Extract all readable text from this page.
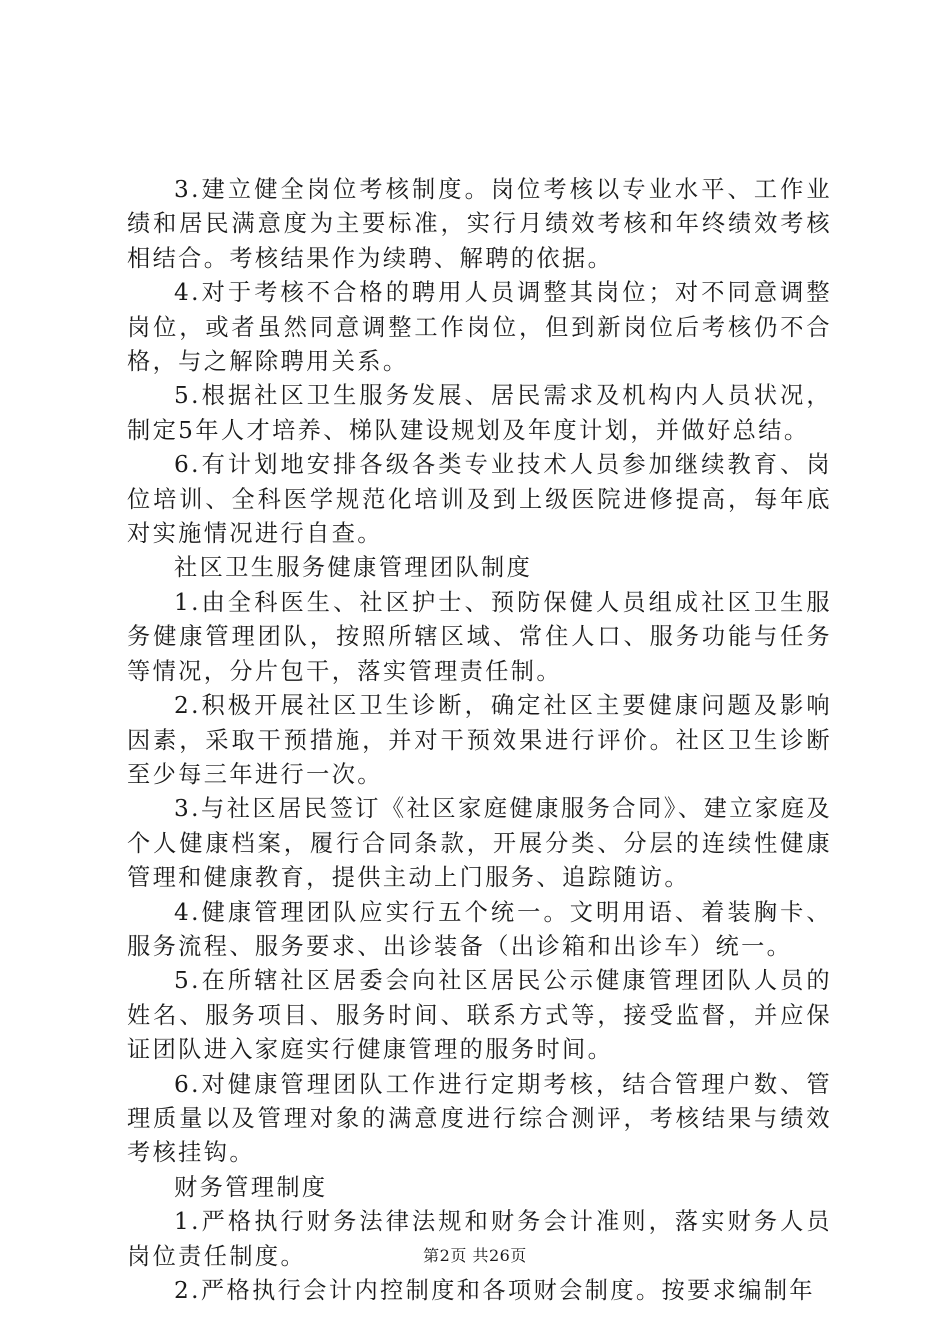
3.建立健全岗位考核制度。岗位考核以专业水平、工作业绩和居民满意度为主要标准，实行月绩效考核和年终绩效考核相结合。考核结果作为续聘、解聘的依据。

4.对于考核不合格的聘用人员调整其岗位；对不同意调整岗位，或者虽然同意调整工作岗位，但到新岗位后考核仍不合格，与之解除聘用关系。

5.根据社区卫生服务发展、居民需求及机构内人员状况，制定5年人才培养、梯队建设规划及年度计划，并做好总结。

6.有计划地安排各级各类专业技术人员参加继续教育、岗位培训、全科医学规范化培训及到上级医院进修提高，每年底对实施情况进行自查。

社区卫生服务健康管理团队制度

1.由全科医生、社区护士、预防保健人员组成社区卫生服务健康管理团队，按照所辖区域、常住人口、服务功能与任务等情况，分片包干，落实管理责任制。

2.积极开展社区卫生诊断，确定社区主要健康问题及影响因素，采取干预措施，并对干预效果进行评价。社区卫生诊断至少每三年进行一次。

3.与社区居民签订《社区家庭健康服务合同》、建立家庭及个人健康档案，履行合同条款，开展分类、分层的连续性健康管理和健康教育，提供主动上门服务、追踪随访。

4.健康管理团队应实行五个统一。文明用语、着装胸卡、服务流程、服务要求、出诊装备（出诊箱和出诊车）统一。

5.在所辖社区居委会向社区居民公示健康管理团队人员的姓名、服务项目、服务时间、联系方式等，接受监督，并应保证团队进入家庭实行健康管理的服务时间。

6.对健康管理团队工作进行定期考核，结合管理户数、管理质量以及管理对象的满意度进行综合测评，考核结果与绩效考核挂钩。

财务管理制度

1.严格执行财务法律法规和财务会计准则，落实财务人员岗位责任制度。

2.严格执行会计内控制度和各项财会制度。按要求编制年

第2页 共26页
